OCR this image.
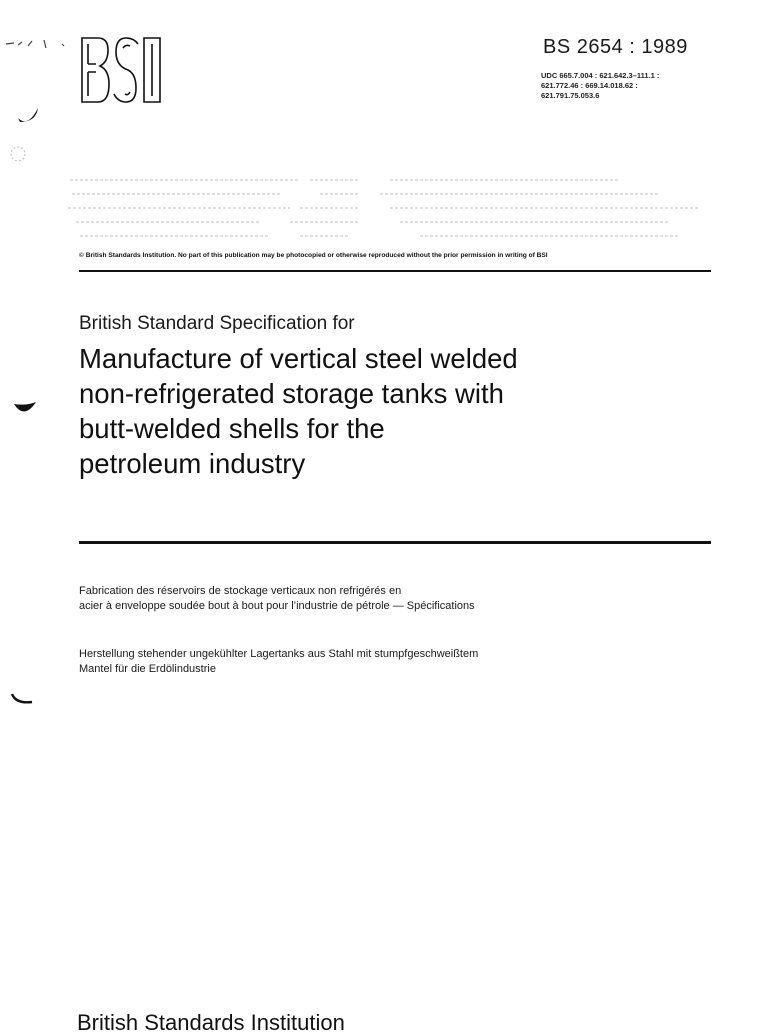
BS 2654 : 1989
UDC 665.7.004 : 621.642.3–111.1 :
621.772.46 : 669.14.018.62 :
621.791.75.053.6
© British Standards Institution. No part of this publication may be photocopied or otherwise reproduced without the prior permission in writing of BSI
British Standard Specification for
Manufacture of vertical steel welded
non-refrigerated storage tanks with
butt-welded shells for the
petroleum industry
Fabrication des réservoirs de stockage verticaux non refrigérés en
acier à enveloppe soudée bout à bout pour l’industrie de pétrole — Spécifications
Herstellung stehender ungekühlter Lagertanks aus Stahl mit stumpfgeschweißtem
Mantel für die Erdölindustrie
British Standards Institution
